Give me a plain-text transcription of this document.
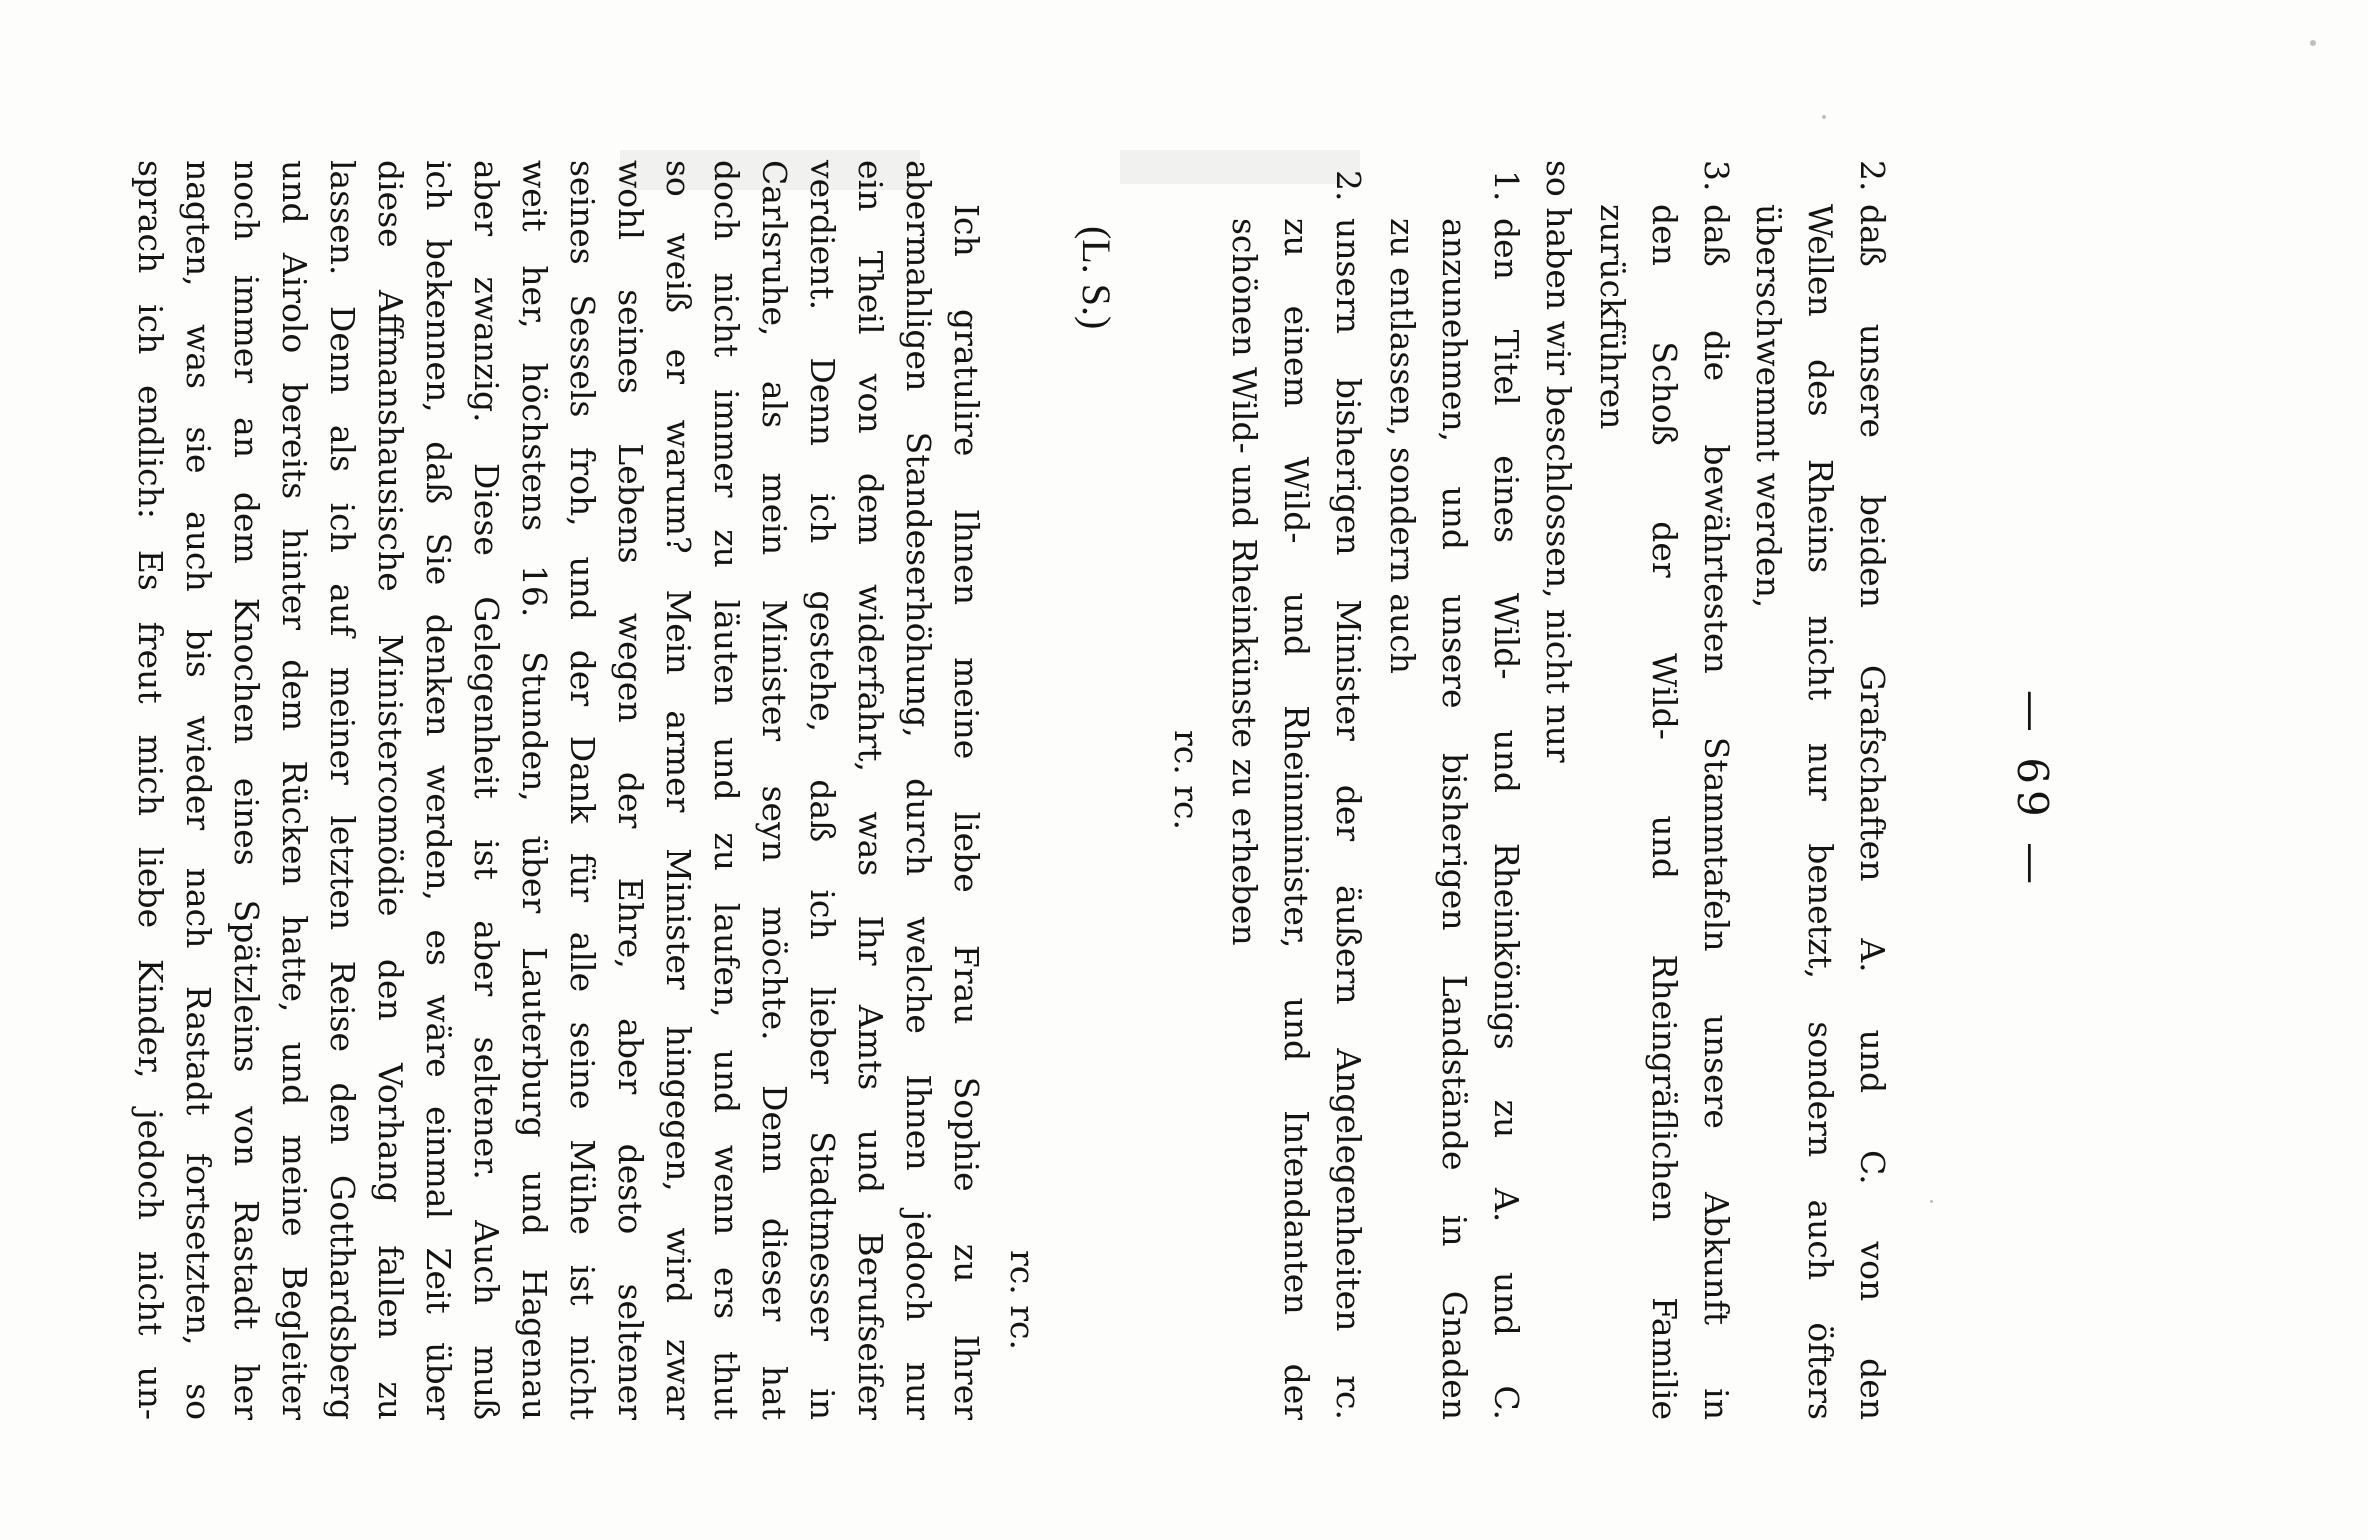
— 69 —
2.
daß unsere beiden Grafschaften A. und C. von den
Wellen des Rheins nicht nur benetzt, sondern auch öfters
überschwemmt werden,
3.
daß die bewährtesten Stammtafeln unsere Abkunft in
den Schoß der Wild- und Rheingräflichen Familie
zurückführen
so haben wir beschlossen, nicht nur
1.
den Titel eines Wild- und Rheinkönigs zu A. und C.
anzunehmen, und unsere bisherigen Landstände in Gnaden
zu entlassen, sondern auch
2.
unsern bisherigen Minister der äußern Angelegenheiten rc.
zu einem Wild- und Rheinminister, und Intendanten der
schönen Wild- und Rheinkünste zu erheben
rc. rc.
(L. S.)
rc. rc.
Ich gratulire Ihnen meine liebe Frau Sophie zu Ihrer
abermahligen Standeserhöhung, durch welche Ihnen jedoch nur
ein Theil von dem widerfahrt, was Ihr Amts und Berufseifer
verdient. Denn ich gestehe, daß ich lieber Stadtmesser in
Carlsruhe, als mein Minister seyn möchte. Denn dieser hat
doch nicht immer zu läuten und zu laufen, und wenn ers thut
so weiß er warum? Mein armer Minister hingegen, wird zwar
wohl seines Lebens wegen der Ehre, aber desto seltener
seines Sessels froh, und der Dank für alle seine Mühe ist nicht
weit her, höchstens 16. Stunden, über Lauterburg und Hagenau
aber zwanzig. Diese Gelegenheit ist aber seltener. Auch muß
ich bekennen, daß Sie denken werden, es wäre einmal Zeit über
diese Affmanshausische Ministercomödie den Vorhang fallen zu
lassen. Denn als ich auf meiner letzten Reise den Gotthardsberg
und Airolo bereits hinter dem Rücken hatte, und meine Begleiter
noch immer an dem Knochen eines Spätzleins von Rastadt her
nagten, was sie auch bis wieder nach Rastadt fortsetzten, so
sprach ich endlich: Es freut mich liebe Kinder, jedoch nicht un-
